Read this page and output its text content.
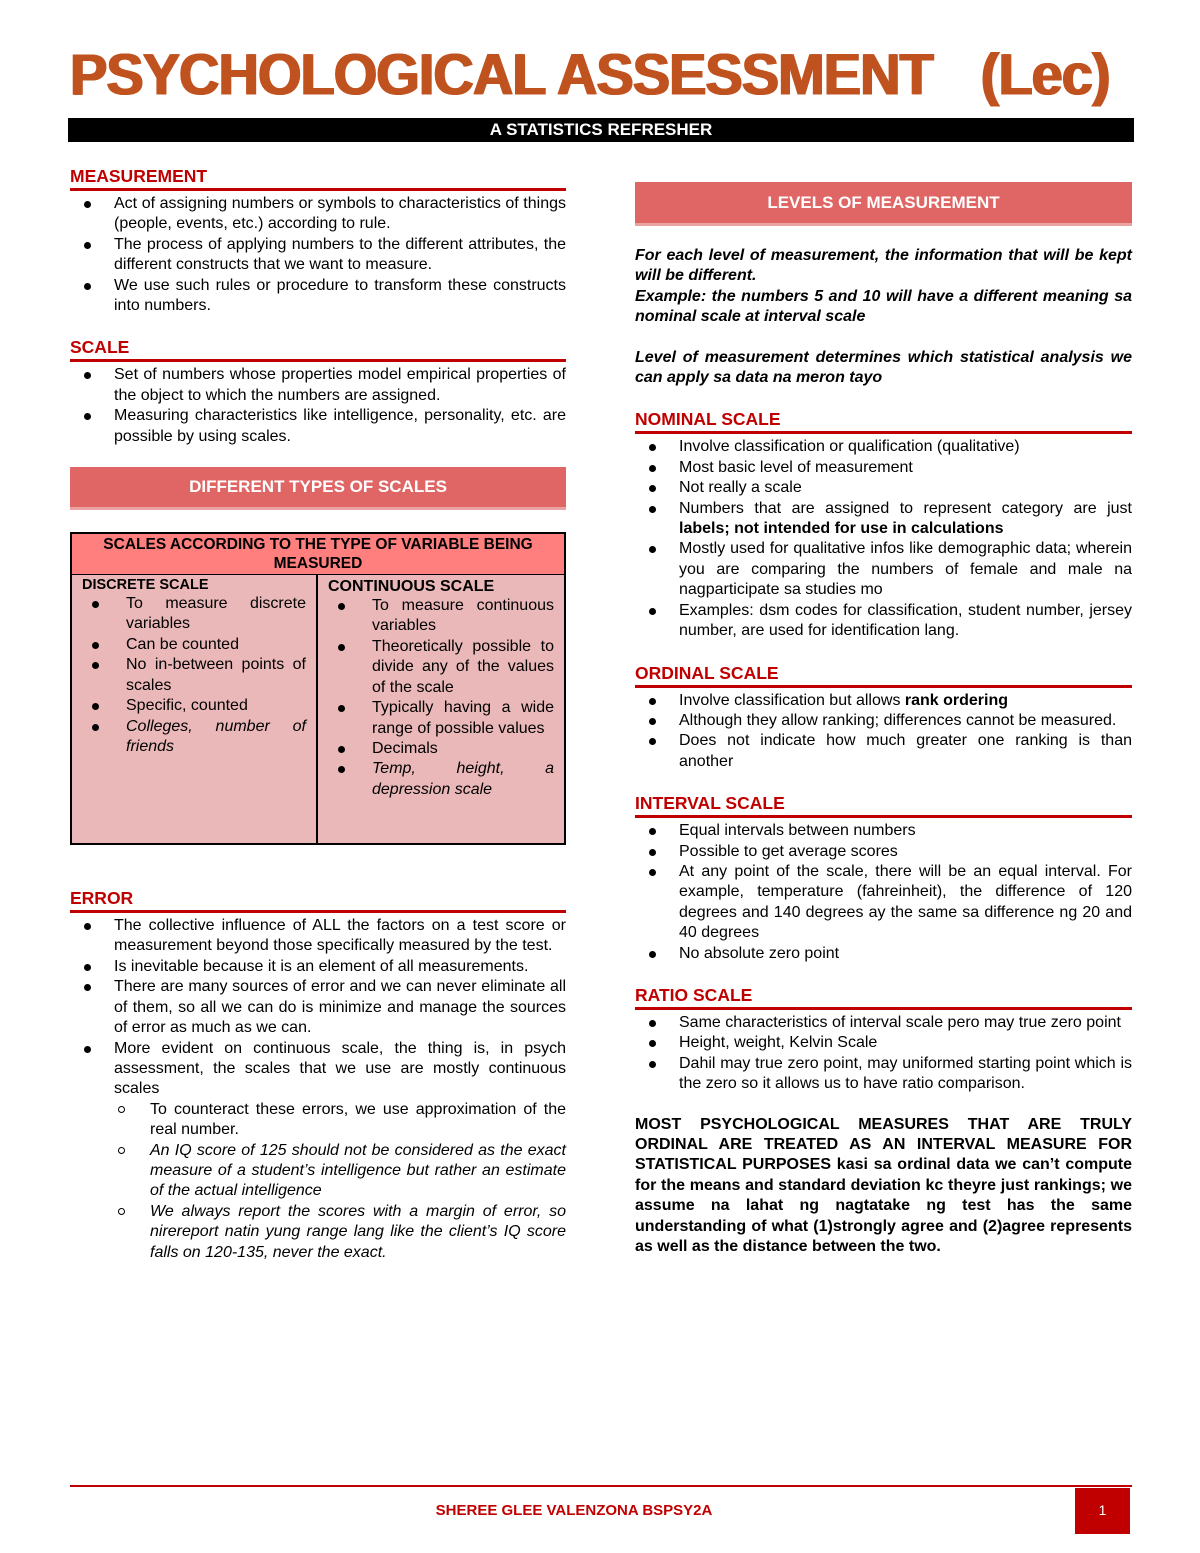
PSYCHOLOGICAL ASSESSMENT (Lec)
A STATISTICS REFRESHER
MEASUREMENT
Act of assigning numbers or symbols to characteristics of things (people, events, etc.) according to rule.
The process of applying numbers to the different attributes, the different constructs that we want to measure.
We use such rules or procedure to transform these constructs into numbers.
SCALE
Set of numbers whose properties model empirical properties of the object to which the numbers are assigned.
Measuring characteristics like intelligence, personality, etc. are possible by using scales.
DIFFERENT TYPES OF SCALES
SCALES ACCORDING TO THE TYPE OF VARIABLE BEING MEASURED
DISCRETE SCALE
To measure discrete variables
Can be counted
No in-between points of scales
Specific, counted
Colleges, number of friends
CONTINUOUS SCALE
To measure continuous variables
Theoretically possible to divide any of the values of the scale
Typically having a wide range of possible values
Decimals
Temp, height, a depression scale
ERROR
The collective influence of ALL the factors on a test score or measurement beyond those specifically measured by the test.
Is inevitable because it is an element of all measurements.
There are many sources of error and we can never eliminate all of them, so all we can do is minimize and manage the sources of error as much as we can.
More evident on continuous scale, the thing is, in psych assessment, the scales that we use are mostly continuous scales
To counteract these errors, we use approximation of the real number.
An IQ score of 125 should not be considered as the exact measure of a student’s intelligence but rather an estimate of the actual intelligence
We always report the scores with a margin of error, so nirereport natin yung range lang like the client’s IQ score falls on 120-135, never the exact.
LEVELS OF MEASUREMENT
For each level of measurement, the information that will be kept will be different.
Example: the numbers 5 and 10 will have a different meaning sa nominal scale at interval scale
Level of measurement determines which statistical analysis we can apply sa data na meron tayo
NOMINAL SCALE
Involve classification or qualification (qualitative)
Most basic level of measurement
Not really a scale
Numbers that are assigned to represent category are just labels; not intended for use in calculations
Mostly used for qualitative infos like demographic data; wherein you are comparing the numbers of female and male na nagparticipate sa studies mo
Examples: dsm codes for classification, student number, jersey number, are used for identification lang.
ORDINAL SCALE
Involve classification but allows rank ordering
Although they allow ranking; differences cannot be measured.
Does not indicate how much greater one ranking is than another
INTERVAL SCALE
Equal intervals between numbers
Possible to get average scores
At any point of the scale, there will be an equal interval. For example, temperature (fahreinheit), the difference of 120 degrees and 140 degrees ay the same sa difference ng 20 and 40 degrees
No absolute zero point
RATIO SCALE
Same characteristics of interval scale pero may true zero point
Height, weight, Kelvin Scale
Dahil may true zero point, may uniformed starting point which is the zero so it allows us to have ratio comparison.
MOST PSYCHOLOGICAL MEASURES THAT ARE TRULY ORDINAL ARE TREATED AS AN INTERVAL MEASURE FOR STATISTICAL PURPOSES kasi sa ordinal data we can’t compute for the means and standard deviation kc theyre just rankings; we assume na lahat ng nagtatake ng test has the same understanding of what (1)strongly agree and (2)agree represents as well as the distance between the two.
SHEREE GLEE VALENZONA BSPSY2A	1
